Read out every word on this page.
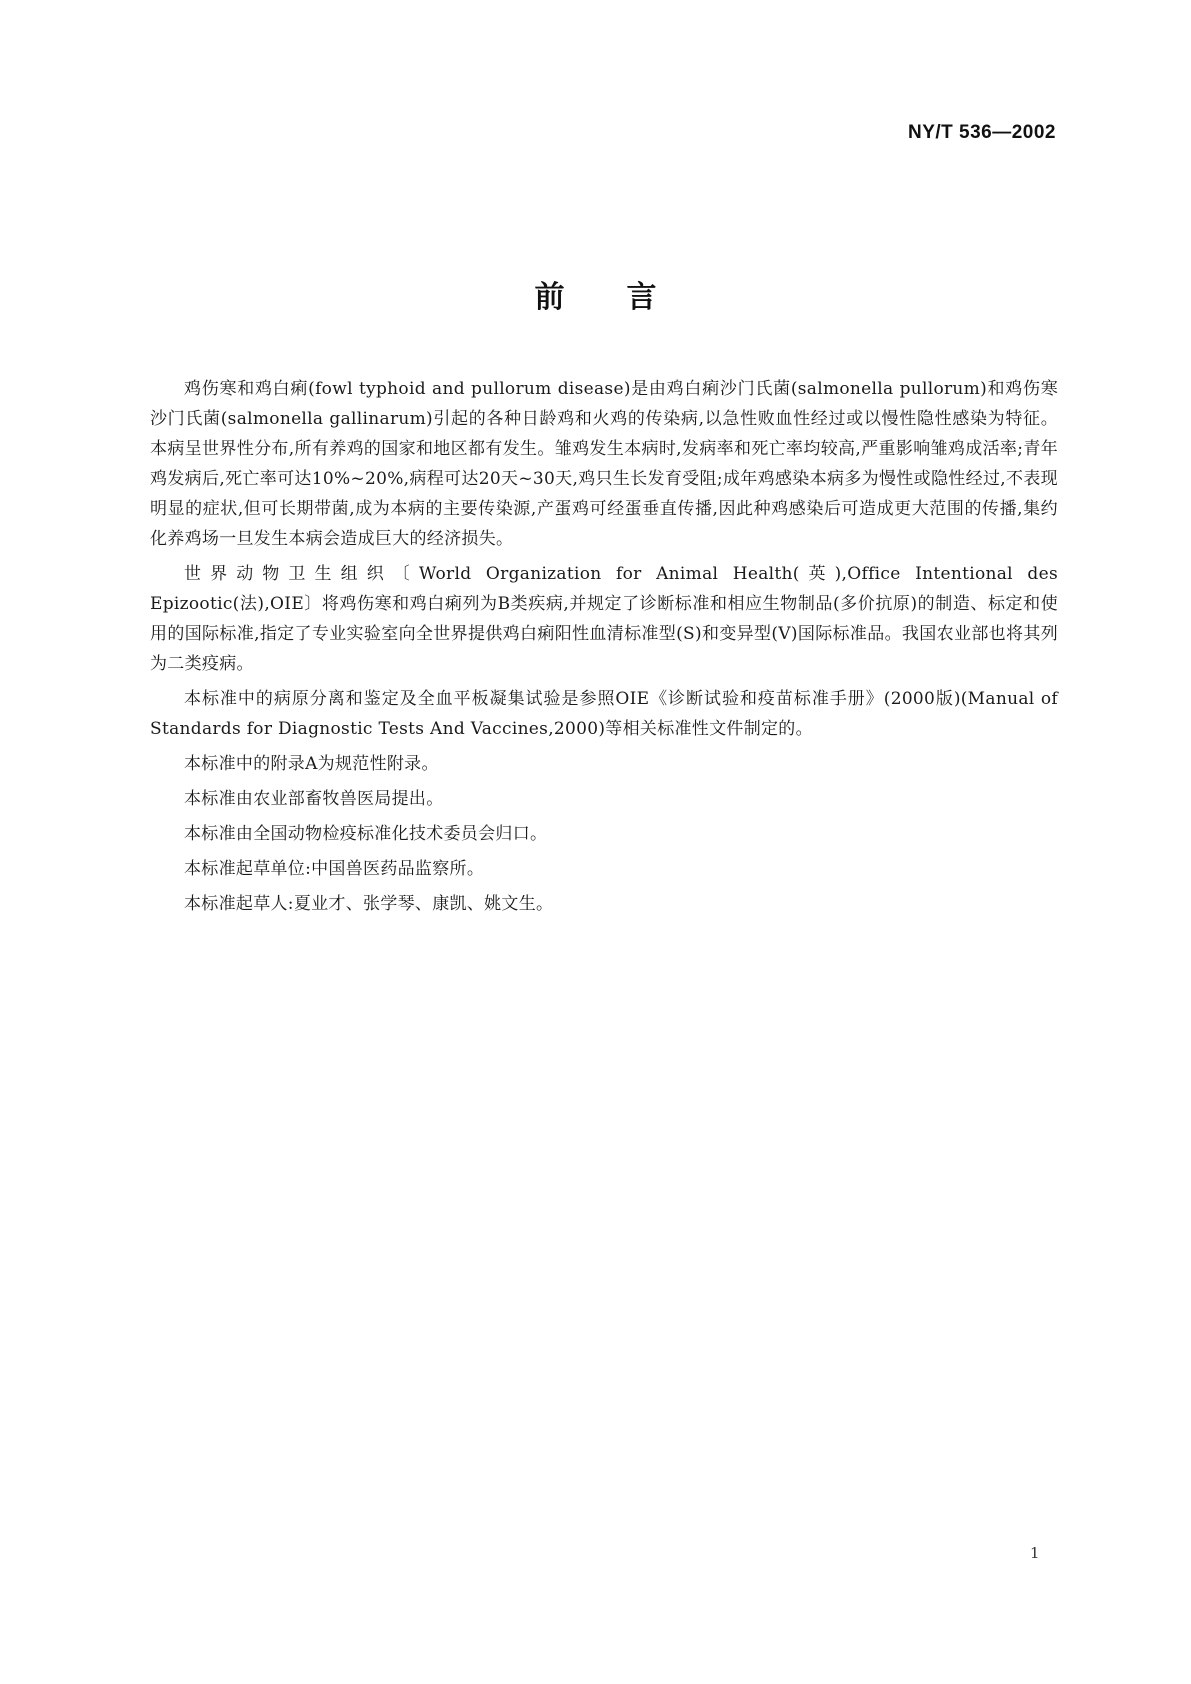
NY/T 536—2002
前言

鸡伤寒和鸡白痢(fowl typhoid and pullorum disease)是由鸡白痢沙门氏菌(salmonella pullorum)和鸡伤寒沙门氏菌(salmonella gallinarum)引起的各种日龄鸡和火鸡的传染病,以急性败血性经过或以慢性隐性感染为特征。本病呈世界性分布,所有养鸡的国家和地区都有发生。雏鸡发生本病时,发病率和死亡率均较高,严重影响雏鸡成活率;青年鸡发病后,死亡率可达10%~20%,病程可达20天~30天,鸡只生长发育受阻;成年鸡感染本病多为慢性或隐性经过,不表现明显的症状,但可长期带菌,成为本病的主要传染源,产蛋鸡可经蛋垂直传播,因此种鸡感染后可造成更大范围的传播,集约化养鸡场一旦发生本病会造成巨大的经济损失。

世界动物卫生组织〔World Organization for Animal Health(英),Office Intentional des Epizootic(法),OIE〕将鸡伤寒和鸡白痢列为B类疾病,并规定了诊断标准和相应生物制品(多价抗原)的制造、标定和使用的国际标准,指定了专业实验室向全世界提供鸡白痢阳性血清标准型(S)和变异型(V)国际标准品。我国农业部也将其列为二类疫病。

本标准中的病原分离和鉴定及全血平板凝集试验是参照OIE《诊断试验和疫苗标准手册》(2000版)(Manual of Standards for Diagnostic Tests And Vaccines,2000)等相关标准性文件制定的。

本标准中的附录A为规范性附录。

本标准由农业部畜牧兽医局提出。

本标准由全国动物检疫标准化技术委员会归口。

本标准起草单位:中国兽医药品监察所。

本标准起草人:夏业才、张学琴、康凯、姚文生。

1
